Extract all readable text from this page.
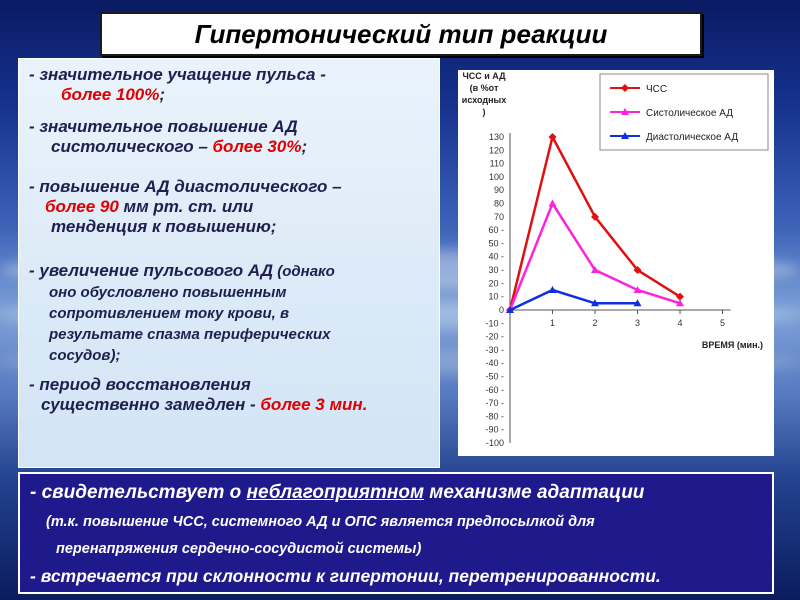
Гипертонический тип реакции
- значительное учащение пульса -
более 100%;
- значительное повышение АД
систолического – более 30%;
- повышение АД диастолического –
более 90 мм рт. ст. или
тенденция к повышению;
- увеличение пульсового АД (однако
оно обусловлено повышенным
сопротивлением току крови, в
результате спазма периферических
сосудов);
- период восстановления
существенно замедлен - более 3 мин.
ЧСС и АД (в %от исходных )
130
120
110
100
90
80
70
60 -
50 -
40 -
30 -
20 -
10 -
0
-10 -
-20 -
-30 -
-40 -
-50 -
-60 -
-70 -
-80 -
-90 -
-100
1	2	3	4	5
ВРЕМЯ (мин.)
ЧСС
Систолическое АД
Диастолическое АД
- свидетельствует о неблагоприятном механизме адаптации
(т.к. повышение ЧСС, системного АД и ОПС является предпосылкой для
перенапряжения сердечно-сосудистой системы)
- встречается при склонности к гипертонии, перетренированности.
